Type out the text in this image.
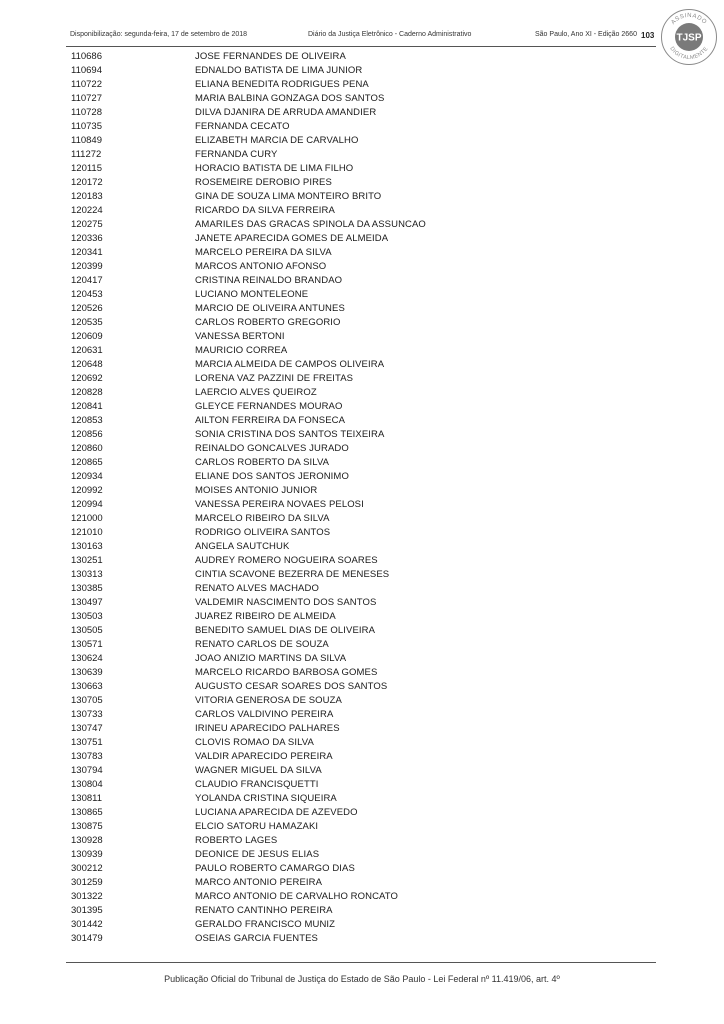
Disponibilização: segunda-feira, 17 de setembro de 2018	Diário da Justiça Eletrônico - Caderno Administrativo	São Paulo, Ano XI - Edição 2660 103
ASSINADO
DIGITALMENTE
TJSP
110686	JOSE FERNANDES DE OLIVEIRA
110694	EDNALDO BATISTA DE LIMA JUNIOR
110722	ELIANA BENEDITA RODRIGUES PENA
110727	MARIA BALBINA GONZAGA DOS SANTOS
110728	DILVA DJANIRA DE ARRUDA AMANDIER
110735	FERNANDA CECATO
110849	ELIZABETH MARCIA DE CARVALHO
111272	FERNANDA CURY
120115	HORACIO BATISTA DE LIMA FILHO
120172	ROSEMEIRE DEROBIO PIRES
120183	GINA DE SOUZA LIMA MONTEIRO BRITO
120224	RICARDO DA SILVA FERREIRA
120275	AMARILES DAS GRACAS SPINOLA DA ASSUNCAO
120336	JANETE APARECIDA GOMES DE ALMEIDA
120341	MARCELO PEREIRA DA SILVA
120399	MARCOS ANTONIO AFONSO
120417	CRISTINA REINALDO BRANDAO
120453	LUCIANO MONTELEONE
120526	MARCIO DE OLIVEIRA ANTUNES
120535	CARLOS ROBERTO GREGORIO
120609	VANESSA BERTONI
120631	MAURICIO CORREA
120648	MARCIA ALMEIDA DE CAMPOS OLIVEIRA
120692	LORENA VAZ PAZZINI DE FREITAS
120828	LAERCIO ALVES QUEIROZ
120841	GLEYCE FERNANDES MOURAO
120853	AILTON FERREIRA DA FONSECA
120856	SONIA CRISTINA DOS SANTOS TEIXEIRA
120860	REINALDO GONCALVES JURADO
120865	CARLOS ROBERTO DA SILVA
120934	ELIANE DOS SANTOS JERONIMO
120992	MOISES ANTONIO JUNIOR
120994	VANESSA PEREIRA NOVAES PELOSI
121000	MARCELO RIBEIRO DA SILVA
121010	RODRIGO OLIVEIRA SANTOS
130163	ANGELA SAUTCHUK
130251	AUDREY ROMERO NOGUEIRA SOARES
130313	CINTIA SCAVONE BEZERRA DE MENESES
130385	RENATO ALVES MACHADO
130497	VALDEMIR NASCIMENTO DOS SANTOS
130503	JUAREZ RIBEIRO DE ALMEIDA
130505	BENEDITO SAMUEL DIAS DE OLIVEIRA
130571	RENATO CARLOS DE SOUZA
130624	JOAO ANIZIO MARTINS DA SILVA
130639	MARCELO RICARDO BARBOSA GOMES
130663	AUGUSTO CESAR SOARES DOS SANTOS
130705	VITORIA GENEROSA DE SOUZA
130733	CARLOS VALDIVINO PEREIRA
130747	IRINEU APARECIDO PALHARES
130751	CLOVIS ROMAO DA SILVA
130783	VALDIR APARECIDO PEREIRA
130794	WAGNER MIGUEL DA SILVA
130804	CLAUDIO FRANCISQUETTI
130811	YOLANDA CRISTINA SIQUEIRA
130865	LUCIANA APARECIDA DE AZEVEDO
130875	ELCIO SATORU HAMAZAKI
130928	ROBERTO LAGES
130939	DEONICE DE JESUS ELIAS
300212	PAULO ROBERTO CAMARGO DIAS
301259	MARCO ANTONIO PEREIRA
301322	MARCO ANTONIO DE CARVALHO RONCATO
301395	RENATO CANTINHO PEREIRA
301442	GERALDO FRANCISCO MUNIZ
301479	OSEIAS GARCIA FUENTES
Publicação Oficial do Tribunal de Justiça do Estado de São Paulo - Lei Federal nº 11.419/06, art. 4º
